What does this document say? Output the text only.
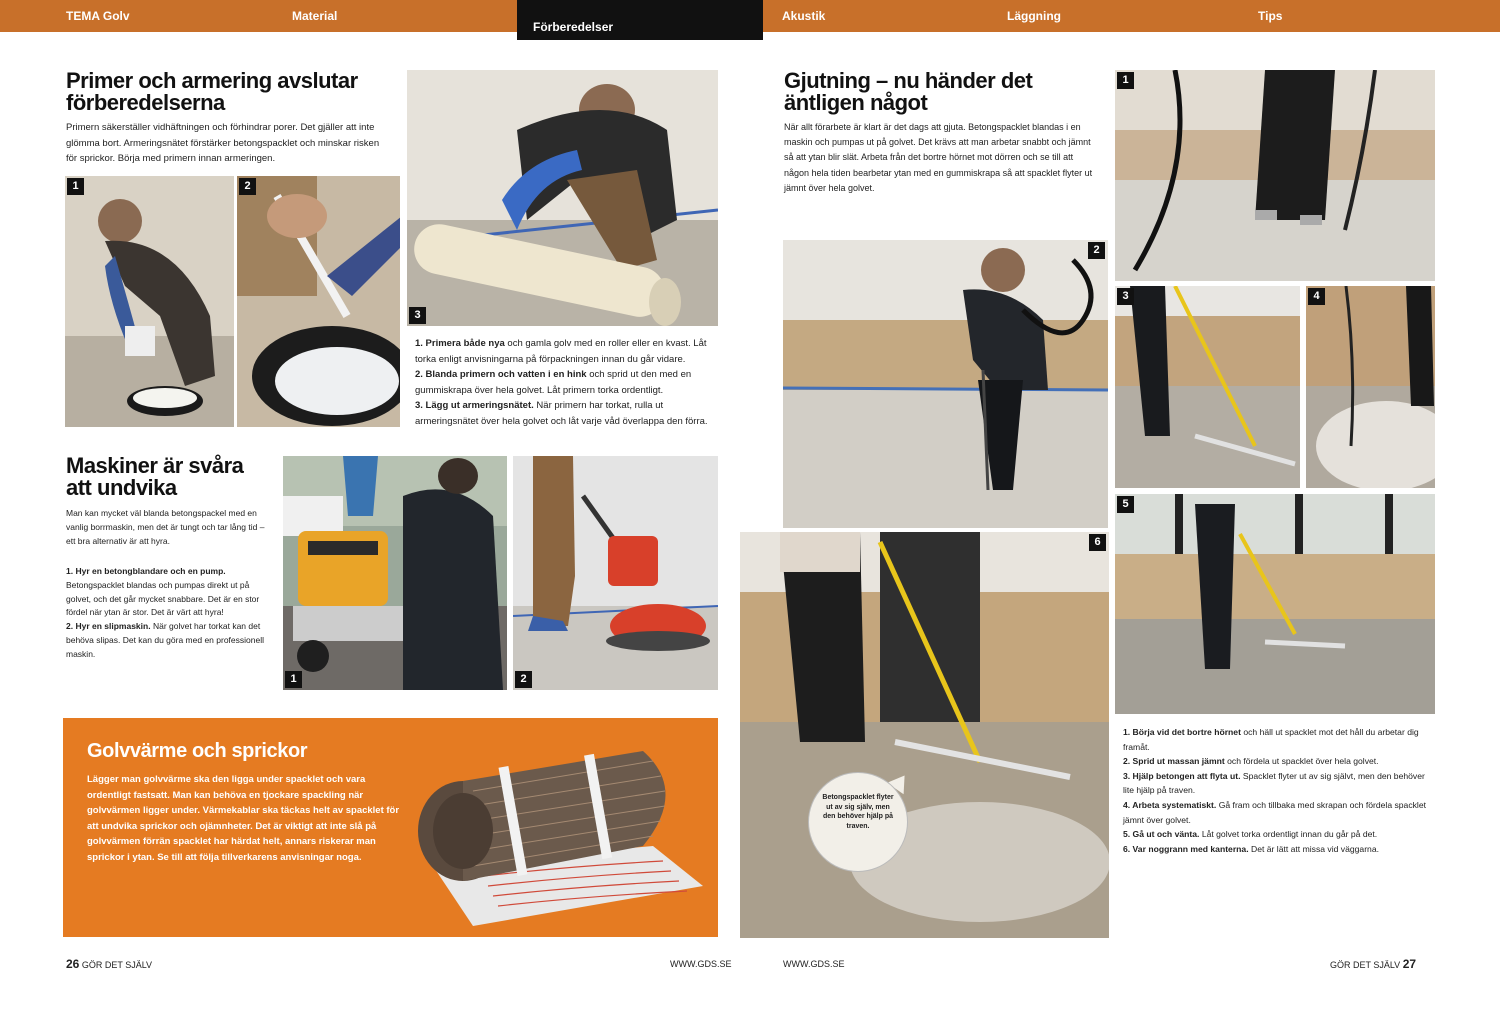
TEMA Golv	Material
Förberedelser
Akustik	Läggning	Tips
Primer och armering avslutar förberedelserna
Primern säkerställer vidhäftningen och förhindrar porer. Det gjäller att inte glömma bort. Armeringsnätet förstärker betongspacklet och minskar risken för sprickor. Börja med primern innan armeringen.
1	2
3
1. Primera både nya och gamla golv med en roller eller en kvast. Låt torka enligt anvisningarna på förpackningen innan du går vidare.
2. Blanda primern och vatten i en hink och sprid ut den med en gummiskrapa över hela golvet. Låt primern torka ordentligt.
3. Lägg ut armeringsnätet. När primern har torkat, rulla ut armeringsnätet över hela golvet och låt varje våd överlappa den förra.
Maskiner är svåra att undvika
Man kan mycket väl blanda betongspackel med en vanlig borrmaskin, men det är tungt och tar lång tid – ett bra alternativ är att hyra.
1. Hyr en betongblandare och en pump. Betongspacklet blandas och pumpas direkt ut på golvet, och det går mycket snabbare. Det är en stor fördel när ytan är stor. Det är värt att hyra!
2. Hyr en slipmaskin. När golvet har torkat kan det behöva slipas. Det kan du göra med en professionell maskin.
1	2
Golvvärme och sprickor
Lägger man golvvärme ska den ligga under spacklet och vara ordentligt fastsatt. Man kan behöva en tjockare spackling när golvvärmen ligger under. Värmekablar ska täckas helt av spacklet för att undvika sprickor och ojämnheter. Det är viktigt att inte slå på golvvärmen förrän spacklet har härdat helt, annars riskerar man sprickor i ytan. Se till att följa tillverkarens anvisningar noga.
26 GÖR DET SJÄLV	WWW.GDS.SE
Gjutning – nu händer det äntligen något
När allt förarbete är klart är det dags att gjuta. Betongspacklet blandas i en maskin och pumpas ut på golvet. Det krävs att man arbetar snabbt och jämnt så att ytan blir slät. Arbeta från det bortre hörnet mot dörren och se till att någon hela tiden bearbetar ytan med en gummiskrapa så att spacklet flyter ut jämnt över hela golvet.
1
2
3	4
5
6
Betongspacklet flyter ut av sig själv, men den behöver hjälp på traven.
1. Börja vid det bortre hörnet och häll ut spacklet mot det håll du arbetar dig framåt.
2. Sprid ut massan jämnt och fördela ut spacklet över hela golvet.
3. Hjälp betongen att flyta ut. Spacklet flyter ut av sig självt, men den behöver lite hjälp på traven.
4. Arbeta systematiskt. Gå fram och tillbaka med skrapan och fördela spacklet jämnt över golvet.
5. Gå ut och vänta. Låt golvet torka ordentligt innan du går på det.
6. Var noggrann med kanterna. Det är lätt att missa vid väggarna.
WWW.GDS.SE	GÖR DET SJÄLV 27
